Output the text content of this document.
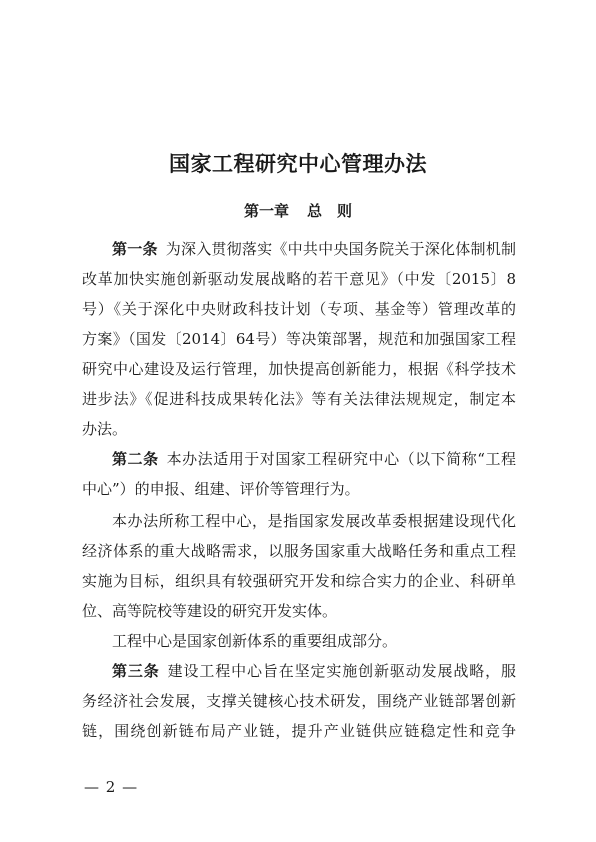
国家工程研究中心管理办法
第一章 总　则
第一条 为深入贯彻落实《中共中央国务院关于深化体制机制
改革加快实施创新驱动发展战略的若干意见》（中发〔2015〕8
号）《关于深化中央财政科技计划（专项、基金等）管理改革的
方案》（国发〔2014〕64号）等决策部署，规范和加强国家工程
研究中心建设及运行管理，加快提高创新能力，根据《科学技术
进步法》《促进科技成果转化法》等有关法律法规规定，制定本
办法。
第二条 本办法适用于对国家工程研究中心（以下简称“工程
中心”）的申报、组建、评价等管理行为。
本办法所称工程中心，是指国家发展改革委根据建设现代化
经济体系的重大战略需求，以服务国家重大战略任务和重点工程
实施为目标，组织具有较强研究开发和综合实力的企业、科研单
位、高等院校等建设的研究开发实体。
工程中心是国家创新体系的重要组成部分。
第三条 建设工程中心旨在坚定实施创新驱动发展战略，服
务经济社会发展，支撑关键核心技术研发，围绕产业链部署创新
链，围绕创新链布局产业链，提升产业链供应链稳定性和竞争
— 2 —
